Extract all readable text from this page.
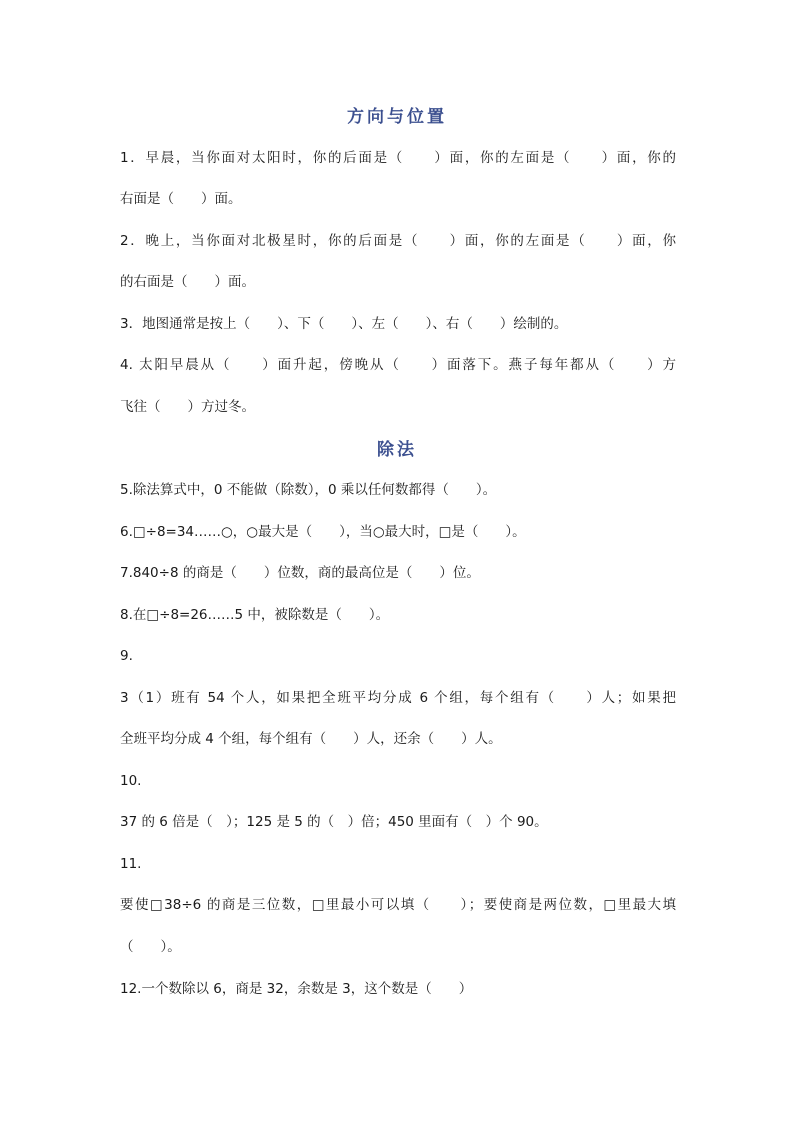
方向与位置
1．早晨，当你面对太阳时，你的后面是（　　）面，你的左面是（　　）面，你的
右面是（　　）面。
2．晚上，当你面对北极星时，你的后面是（　　）面，你的左面是（　　）面，你
的右面是（　　）面。
3．地图通常是按上（　　）、下（　　）、左（　　）、右（　　）绘制的。
4. 太阳早晨从（　　）面升起，傍晚从（　　）面落下。燕子每年都从（　　）方
飞往（　　）方过冬。
除法
5.除法算式中，0 不能做（除数），0 乘以任何数都得（　　）。
6.□÷8=34……○，○最大是（　　），当○最大时，□是（　　）。
7.840÷8 的商是（　　）位数，商的最高位是（　　）位。
8.在□÷8=26……5 中，被除数是（　　）。
9.
3（1）班有 54 个人，如果把全班平均分成 6 个组，每个组有（　　）人；如果把
全班平均分成 4 个组，每个组有（　　）人，还余（　　）人。
10.
37 的 6 倍是（　）；125 是 5 的（　）倍；450 里面有（　）个 90。
11.
要使□38÷6 的商是三位数，□里最小可以填（　　）；要使商是两位数，□里最大填
（　　）。
12.一个数除以 6，商是 32，余数是 3，这个数是（　　）
